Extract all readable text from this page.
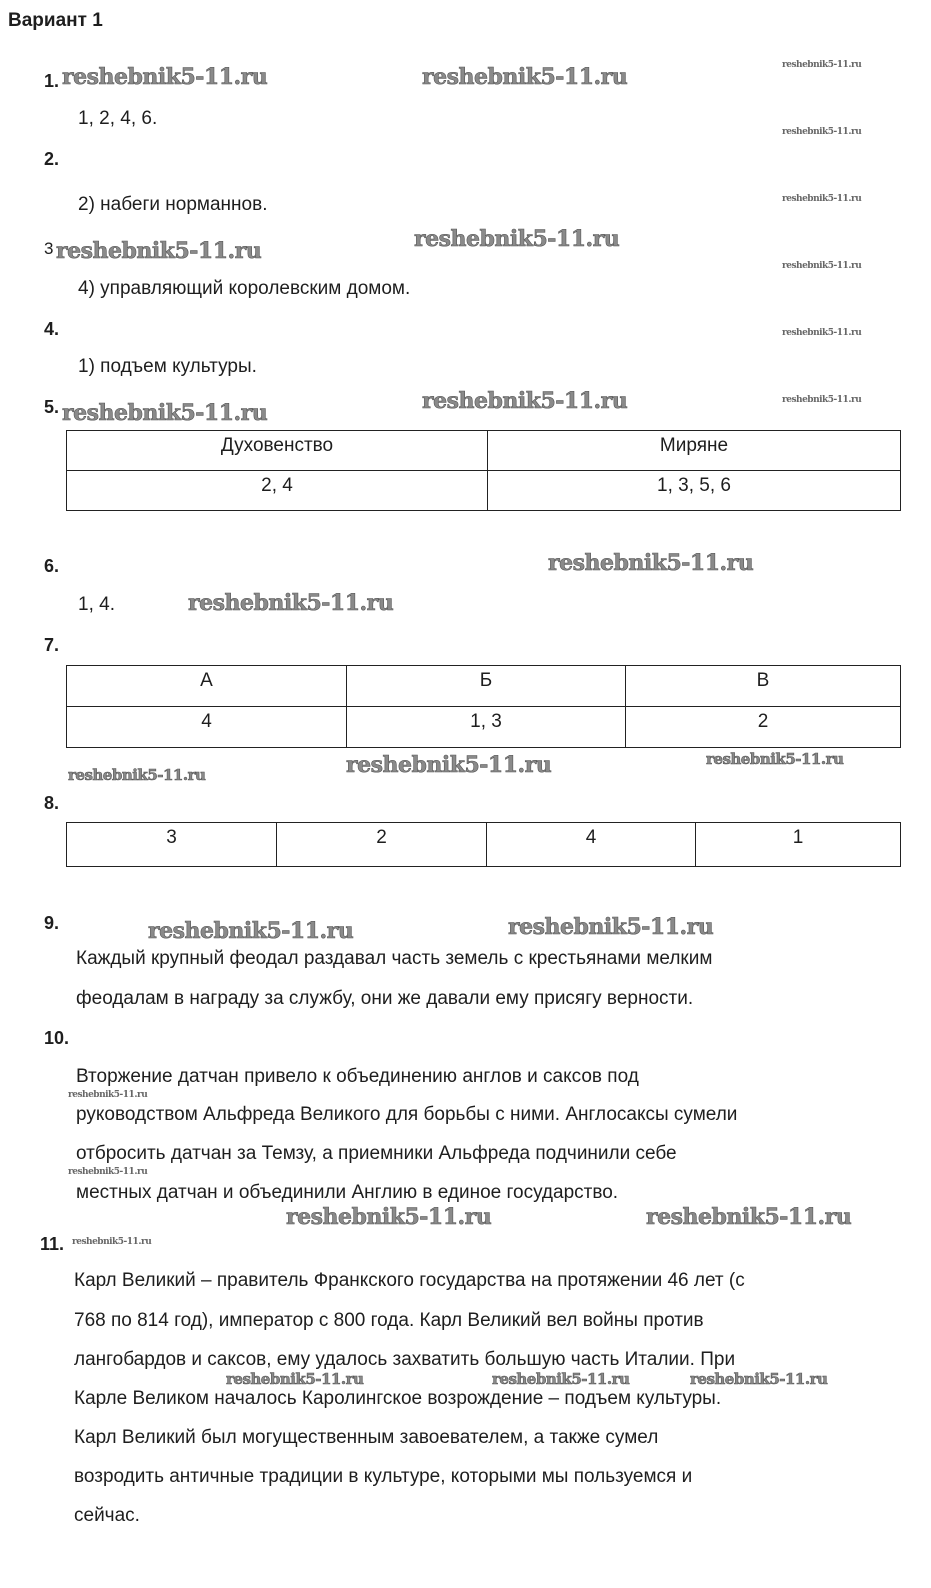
Вариант 1
1.
1, 2, 4, 6.
2.
2) набеги норманнов.
3
4) управляющий королевским домом.
4.
1) подъем культуры.
5.
Духовенство	Миряне
2, 4	1, 3, 5, 6
6.
1, 4.
7.
А	Б	В
4	1, 3	2
8.
3	2	4	1
9.
Каждый крупный феодал раздавал часть земель с крестьянами мелким
феодалам в награду за службу, они же давали ему присягу верности.
10.
Вторжение датчан привело к объединению англов и саксов под
руководством Альфреда Великого для борьбы с ними. Англосаксы сумели
отбросить датчан за Темзу, а приемники Альфреда подчинили себе
местных датчан и объединили Англию в единое государство.
11.
Карл Великий – правитель Франкского государства на протяжении 46 лет (с
768 по 814 год), император с 800 года. Карл Великий вел войны против
лангобардов и саксов, ему удалось захватить большую часть Италии. При
Карле Великом началось Каролингское возрождение – подъем культуры.
Карл Великий был могущественным завоевателем, а также сумел
возродить античные традиции в культуре, которыми мы пользуемся и
сейчас.
reshebnik5-11.ru	reshebnik5-11.ru
reshebnik5-11.ru	reshebnik5-11.ru
reshebnik5-11.ru	reshebnik5-11.ru
reshebnik5-11.ru
reshebnik5-11.ru
reshebnik5-11.ru
reshebnik5-11.ru	reshebnik5-11.ru
reshebnik5-11.ru	reshebnik5-11.ru
reshebnik5-11.ru
reshebnik5-11.ru
reshebnik5-11.ru	reshebnik5-11.ru	reshebnik5-11.ru
reshebnik5-11.ru
reshebnik5-11.ru
reshebnik5-11.ru
reshebnik5-11.ru
reshebnik5-11.ru
reshebnik5-11.ru
reshebnik5-11.ru
reshebnik5-11.ru
reshebnik5-11.ru
